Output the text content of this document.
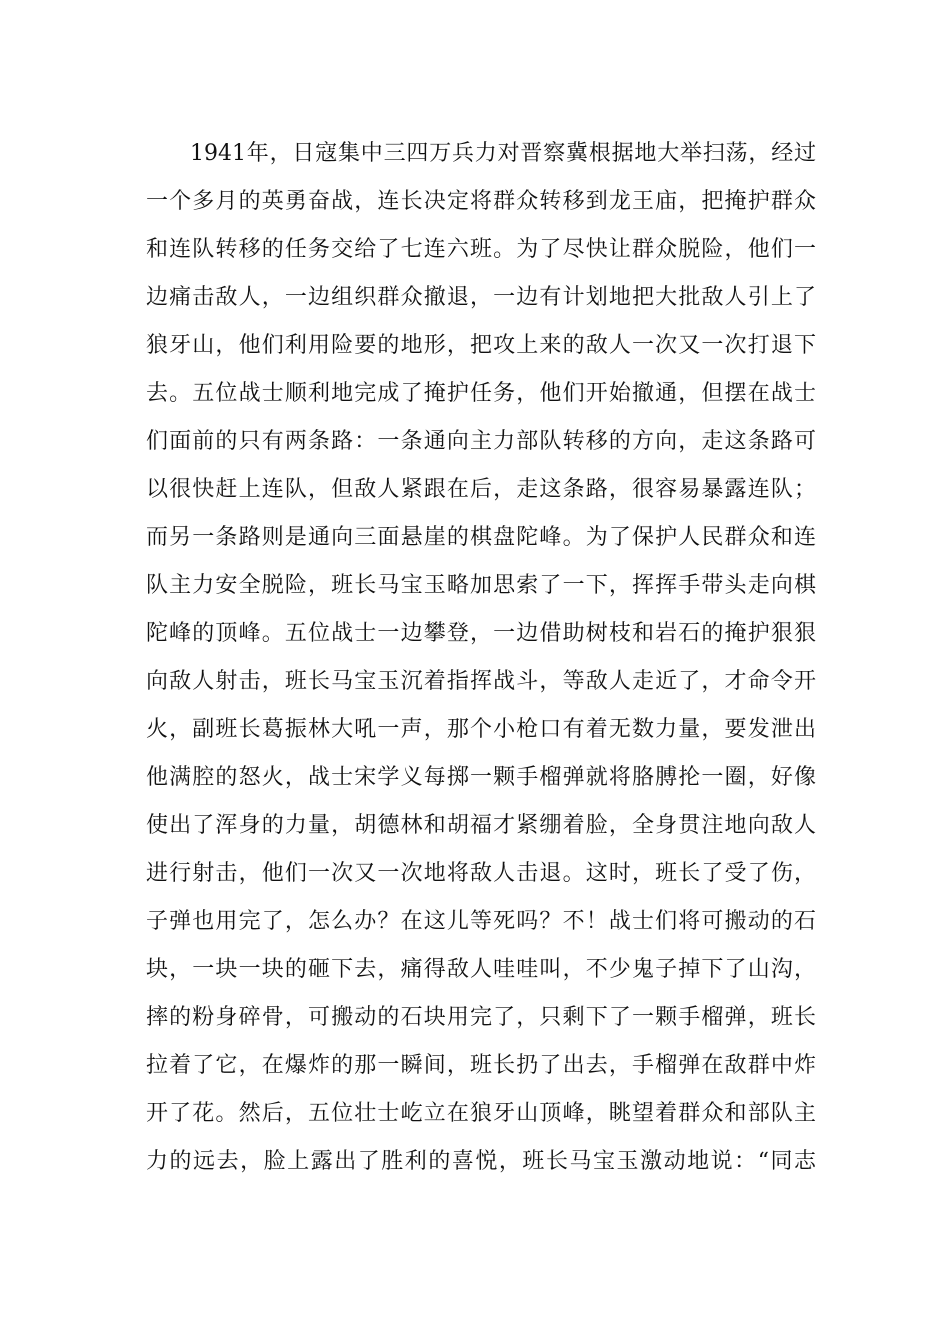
1941年，日寇集中三四万兵力对晋察冀根据地大举扫荡，经过
一个多月的英勇奋战，连长决定将群众转移到龙王庙，把掩护群众
和连队转移的任务交给了七连六班。为了尽快让群众脱险，他们一
边痛击敌人，一边组织群众撤退，一边有计划地把大批敌人引上了
狼牙山，他们利用险要的地形，把攻上来的敌人一次又一次打退下
去。五位战士顺利地完成了掩护任务，他们开始撤通，但摆在战士
们面前的只有两条路：一条通向主力部队转移的方向，走这条路可
以很快赶上连队，但敌人紧跟在后，走这条路，很容易暴露连队；
而另一条路则是通向三面悬崖的棋盘陀峰。为了保护人民群众和连
队主力安全脱险，班长马宝玉略加思索了一下，挥挥手带头走向棋
陀峰的顶峰。五位战士一边攀登，一边借助树枝和岩石的掩护狠狠
向敌人射击，班长马宝玉沉着指挥战斗，等敌人走近了，才命令开
火，副班长葛振林大吼一声，那个小枪口有着无数力量，要发泄出
他满腔的怒火，战士宋学义每掷一颗手榴弹就将胳膊抡一圈，好像
使出了浑身的力量，胡德林和胡福才紧绷着脸，全身贯注地向敌人
进行射击，他们一次又一次地将敌人击退。这时，班长了受了伤，
子弹也用完了，怎么办？在这儿等死吗？不！战士们将可搬动的石
块，一块一块的砸下去，痛得敌人哇哇叫，不少鬼子掉下了山沟，
摔的粉身碎骨，可搬动的石块用完了，只剩下了一颗手榴弹，班长
拉着了它，在爆炸的那一瞬间，班长扔了出去，手榴弹在敌群中炸
开了花。然后，五位壮士屹立在狼牙山顶峰，眺望着群众和部队主
力的远去，脸上露出了胜利的喜悦，班长马宝玉激动地说：“同志
